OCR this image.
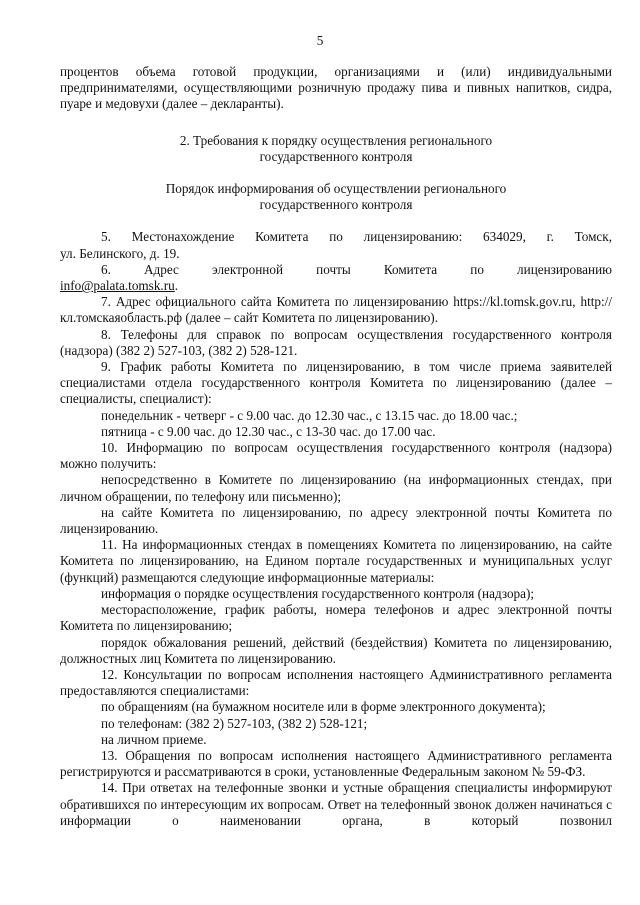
5

процентов объема готовой продукции, организациями и (или) индивидуальными предпринимателями, осуществляющими розничную продажу пива и пивных напитков, сидра, пуаре и медовухи (далее – декларанты).

2. Требования к порядку осуществления регионального

государственного контроля

Порядок информирования об осуществлении регионального

государственного контроля

5. Местонахождение Комитета по лицензированию: 634029, г. Томск,

ул. Белинского, д. 19.

6. Адрес электронной почты Комитета по лицензированию

info@palata.tomsk.ru.

7. Адрес официального сайта Комитета по лицензированию https://kl.tomsk.gov.ru, http://кл.томскаяобласть.рф (далее – сайт Комитета по лицензированию).

8. Телефоны для справок по вопросам осуществления государственного контроля (надзора) (382 2) 527-103, (382 2) 528-121.

9. График работы Комитета по лицензированию, в том числе приема заявителей специалистами отдела государственного контроля Комитета по лицензированию (далее – специалисты, специалист):

понедельник - четверг - с 9.00 час. до 12.30 час., с 13.15 час. до 18.00 час.;

пятница - с 9.00 час. до 12.30 час., с 13-30 час. до 17.00 час.

10. Информацию по вопросам осуществления государственного контроля (надзора) можно получить:

непосредственно в Комитете по лицензированию (на информационных стендах, при личном обращении, по телефону или письменно);

на сайте Комитета по лицензированию, по адресу электронной почты Комитета по лицензированию.

11. На информационных стендах в помещениях Комитета по лицензированию, на сайте Комитета по лицензированию, на Едином портале государственных и муниципальных услуг (функций) размещаются следующие информационные материалы:

информация о порядке осуществления государственного контроля (надзора);

месторасположение, график работы, номера телефонов и адрес электронной почты Комитета по лицензированию;

порядок обжалования решений, действий (бездействия) Комитета по лицензированию, должностных лиц Комитета по лицензированию.

12. Консультации по вопросам исполнения настоящего Административного регламента предоставляются специалистами:

по обращениям (на бумажном носителе или в форме электронного документа);

по телефонам: (382 2) 527-103, (382 2) 528-121;

на личном приеме.

13. Обращения по вопросам исполнения настоящего Административного регламента регистрируются и рассматриваются в сроки, установленные Федеральным законом № 59-ФЗ.

14. При ответах на телефонные звонки и устные обращения специалисты информируют обратившихся по интересующим их вопросам. Ответ на телефонный звонок должен начинаться с информации о наименовании органа, в который позвонил
